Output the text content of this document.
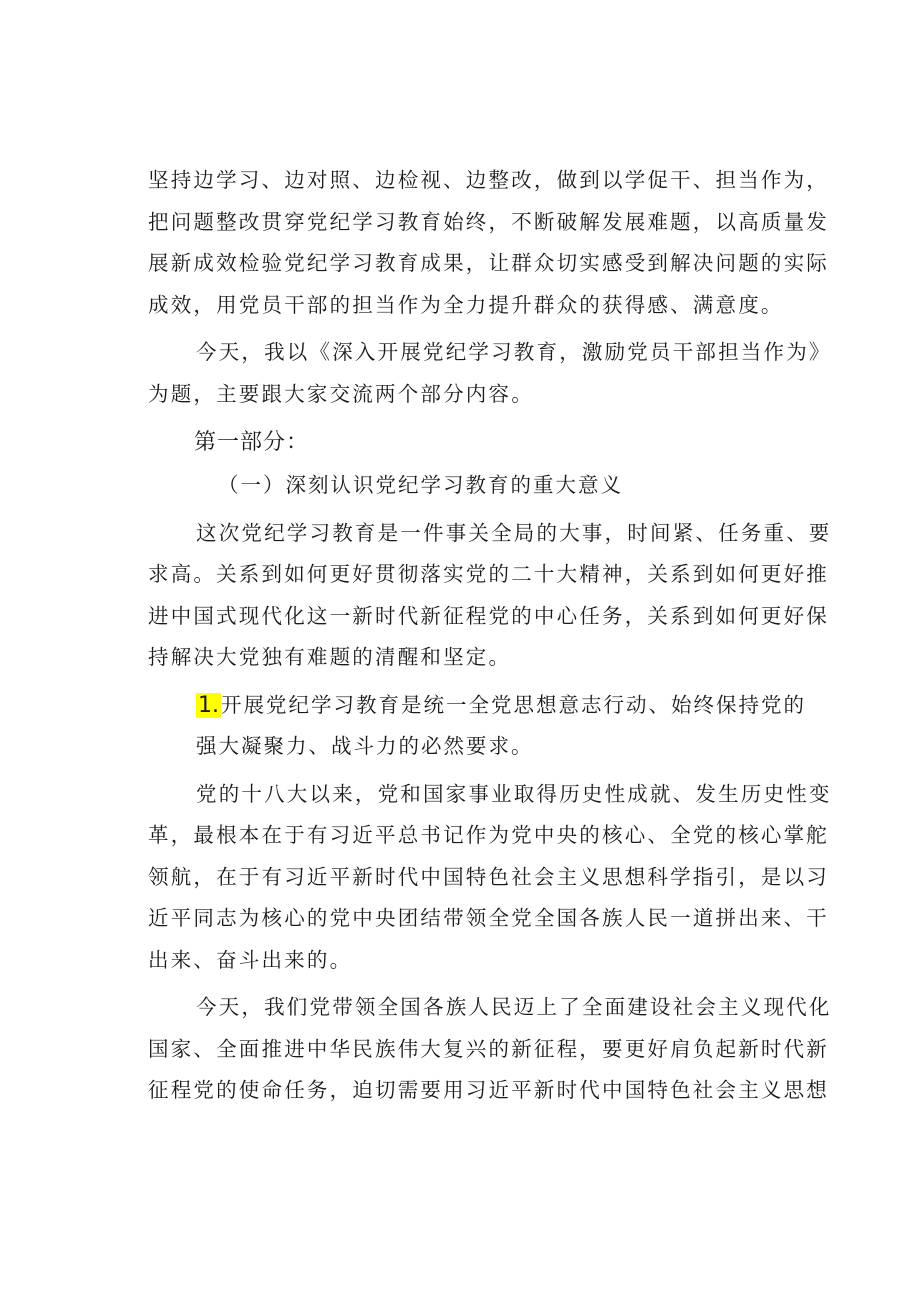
坚持边学习、边对照、边检视、边整改，做到以学促干、担当作为，
把问题整改贯穿党纪学习教育始终，不断破解发展难题，以高质量发
展新成效检验党纪学习教育成果，让群众切实感受到解决问题的实际
成效，用党员干部的担当作为全力提升群众的获得感、满意度。
今天，我以《深入开展党纪学习教育，激励党员干部担当作为》
为题，主要跟大家交流两个部分内容。
第一部分：
（一）深刻认识党纪学习教育的重大意义
这次党纪学习教育是一件事关全局的大事，时间紧、任务重、要
求高。关系到如何更好贯彻落实党的二十大精神，关系到如何更好推
进中国式现代化这一新时代新征程党的中心任务，关系到如何更好保
持解决大党独有难题的清醒和坚定。
1.开展党纪学习教育是统一全党思想意志行动、始终保持党的
强大凝聚力、战斗力的必然要求。
党的十八大以来，党和国家事业取得历史性成就、发生历史性变
革，最根本在于有习近平总书记作为党中央的核心、全党的核心掌舵
领航，在于有习近平新时代中国特色社会主义思想科学指引，是以习
近平同志为核心的党中央团结带领全党全国各族人民一道拼出来、干
出来、奋斗出来的。
今天，我们党带领全国各族人民迈上了全面建设社会主义现代化
国家、全面推进中华民族伟大复兴的新征程，要更好肩负起新时代新
征程党的使命任务，迫切需要用习近平新时代中国特色社会主义思想
